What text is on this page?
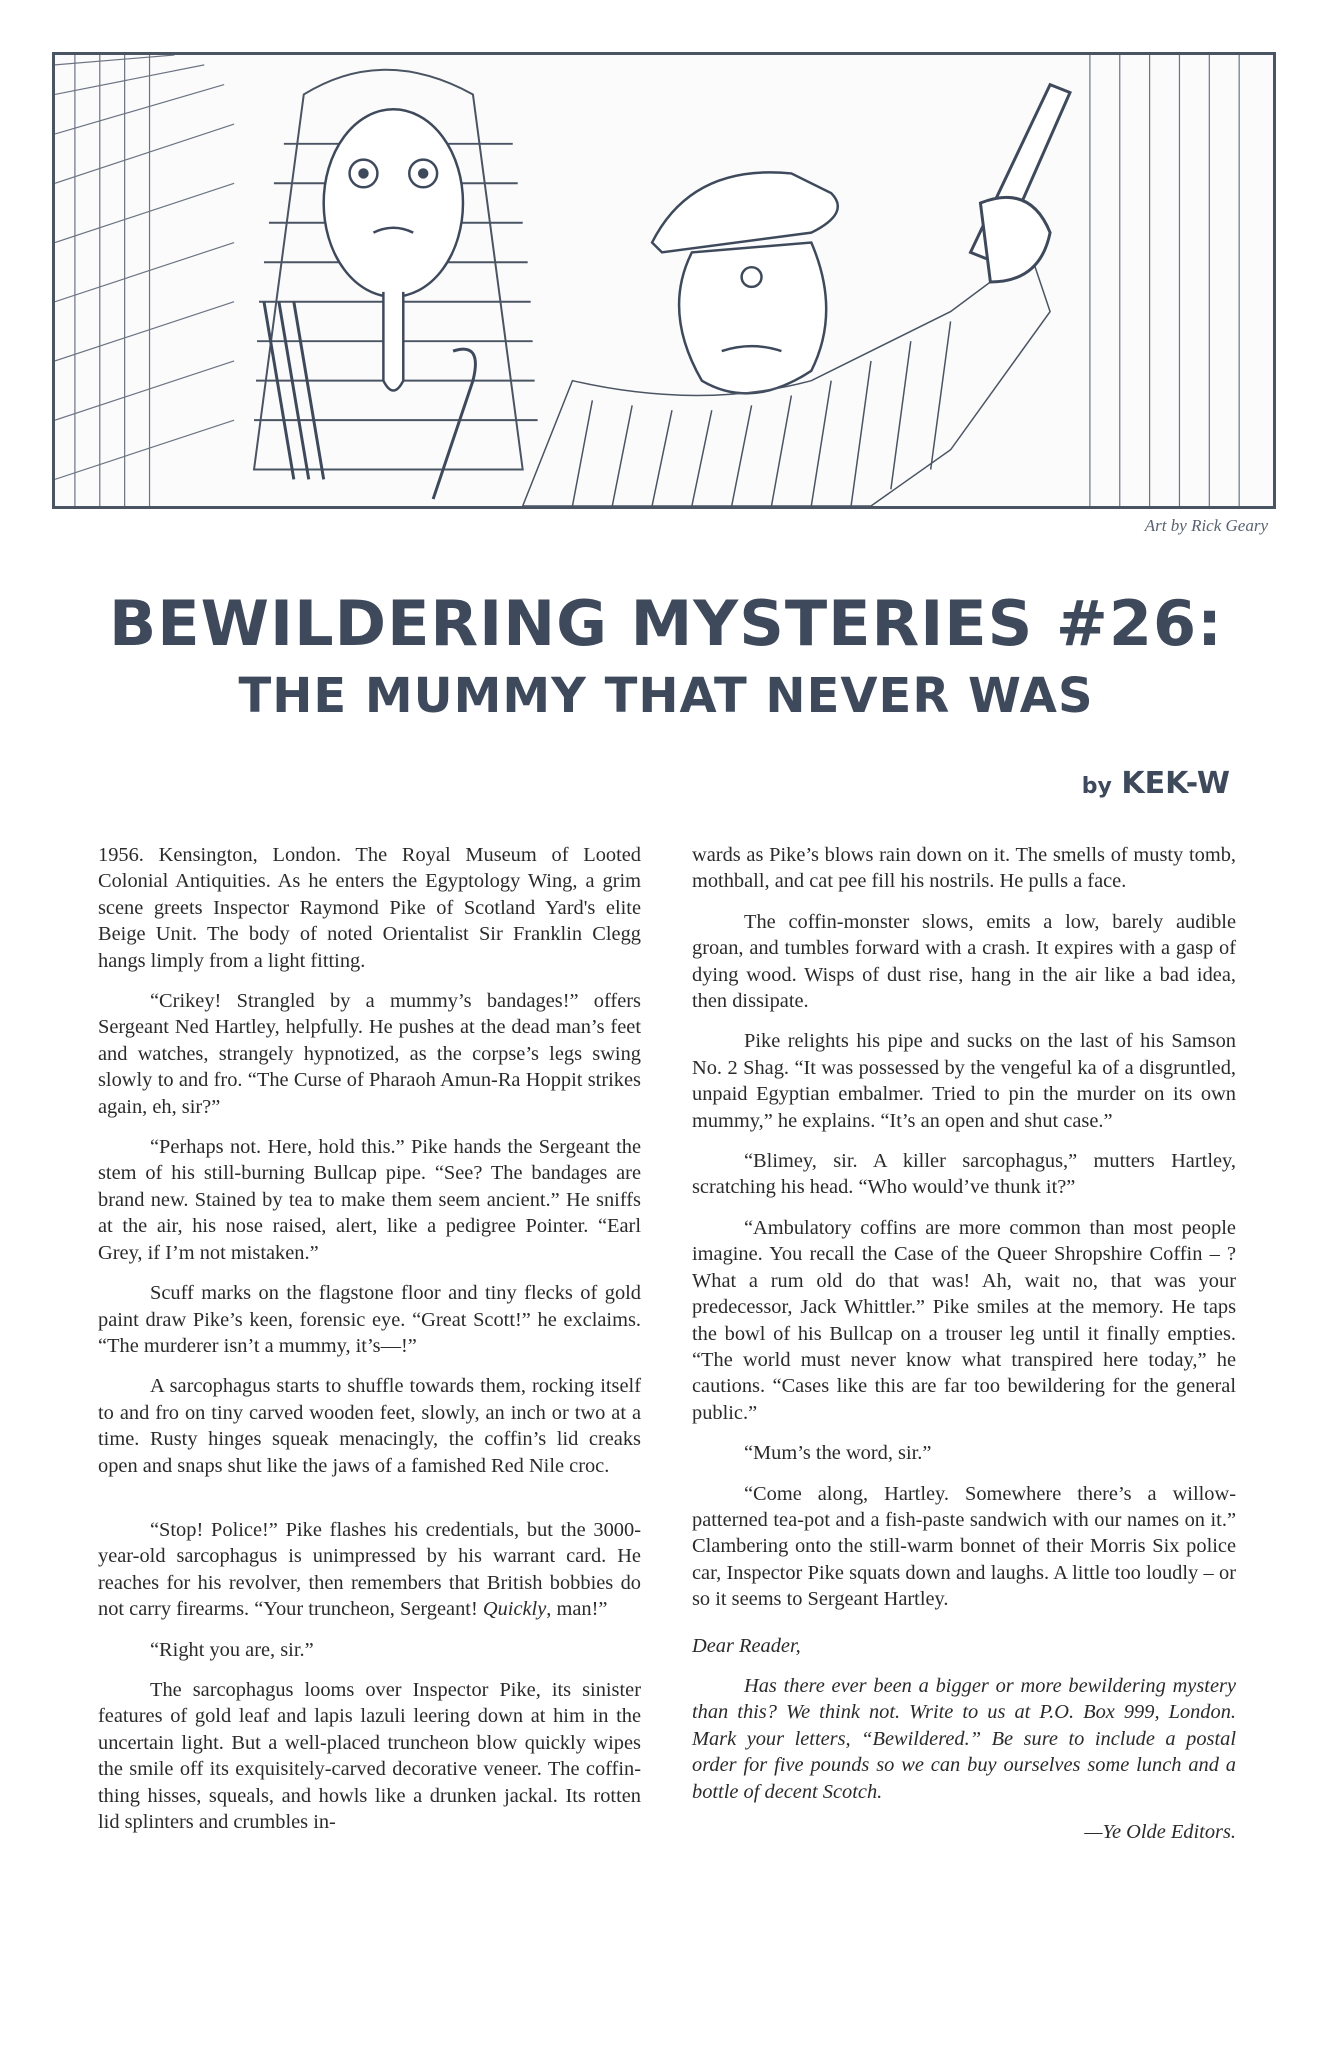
Art by Rick Geary
BEWILDERING MYSTERIES #26:
THE MUMMY THAT NEVER WAS
by KEK-W

1956. Kensington, London. The Royal Museum of Looted Colonial Antiquities. As he enters the Egyptology Wing, a grim scene greets Inspector Raymond Pike of Scotland Yard's elite Beige Unit. The body of noted Orientalist Sir Franklin Clegg hangs limply from a light fitting.

“Crikey! Strangled by a mummy’s bandages!” offers Sergeant Ned Hartley, helpfully. He pushes at the dead man’s feet and watches, strangely hypnotized, as the corpse’s legs swing slowly to and fro. “The Curse of Pharaoh Amun-Ra Hoppit strikes again, eh, sir?”

“Perhaps not. Here, hold this.” Pike hands the Sergeant the stem of his still-burning Bullcap pipe. “See? The bandages are brand new. Stained by tea to make them seem ancient.” He sniffs at the air, his nose raised, alert, like a pedigree Pointer. “Earl Grey, if I’m not mistaken.”

Scuff marks on the flagstone floor and tiny flecks of gold paint draw Pike’s keen, forensic eye. “Great Scott!” he exclaims. “The murderer isn’t a mummy, it’s—!”

A sarcophagus starts to shuffle towards them, rocking itself to and fro on tiny carved wooden feet, slowly, an inch or two at a time. Rusty hinges squeak menacingly, the coffin’s lid creaks open and snaps shut like the jaws of a famished Red Nile croc.

“Stop! Police!” Pike flashes his credentials, but the 3000-year-old sarcophagus is unimpressed by his warrant card. He reaches for his revolver, then remembers that British bobbies do not carry firearms. “Your truncheon, Sergeant! Quickly, man!”

“Right you are, sir.”

The sarcophagus looms over Inspector Pike, its sinister features of gold leaf and lapis lazuli leering down at him in the uncertain light. But a well-placed truncheon blow quickly wipes the smile off its exquisitely-carved decorative veneer. The coffin-thing hisses, squeals, and howls like a drunken jackal. Its rotten lid splinters and crumbles in-

wards as Pike’s blows rain down on it. The smells of musty tomb, mothball, and cat pee fill his nostrils. He pulls a face.

The coffin-monster slows, emits a low, barely audible groan, and tumbles forward with a crash. It expires with a gasp of dying wood. Wisps of dust rise, hang in the air like a bad idea, then dissipate.

Pike relights his pipe and sucks on the last of his Samson No. 2 Shag. “It was possessed by the vengeful ka of a disgruntled, unpaid Egyptian embalmer. Tried to pin the murder on its own mummy,” he explains. “It’s an open and shut case.”

“Blimey, sir. A killer sarcophagus,” mutters Hartley, scratching his head. “Who would’ve thunk it?”

“Ambulatory coffins are more common than most people imagine. You recall the Case of the Queer Shropshire Coffin – ? What a rum old do that was! Ah, wait no, that was your predecessor, Jack Whittler.” Pike smiles at the memory. He taps the bowl of his Bullcap on a trouser leg until it finally empties. “The world must never know what transpired here today,” he cautions. “Cases like this are far too bewildering for the general public.”

“Mum’s the word, sir.”

“Come along, Hartley. Somewhere there’s a willow-patterned tea-pot and a fish-paste sandwich with our names on it.” Clambering onto the still-warm bonnet of their Morris Six police car, Inspector Pike squats down and laughs. A little too loudly – or so it seems to Sergeant Hartley.

Dear Reader,

Has there ever been a bigger or more bewildering mystery than this? We think not. Write to us at P.O. Box 999, London. Mark your letters, “Bewildered.” Be sure to include a postal order for five pounds so we can buy ourselves some lunch and a bottle of decent Scotch.

—Ye Olde Editors.
